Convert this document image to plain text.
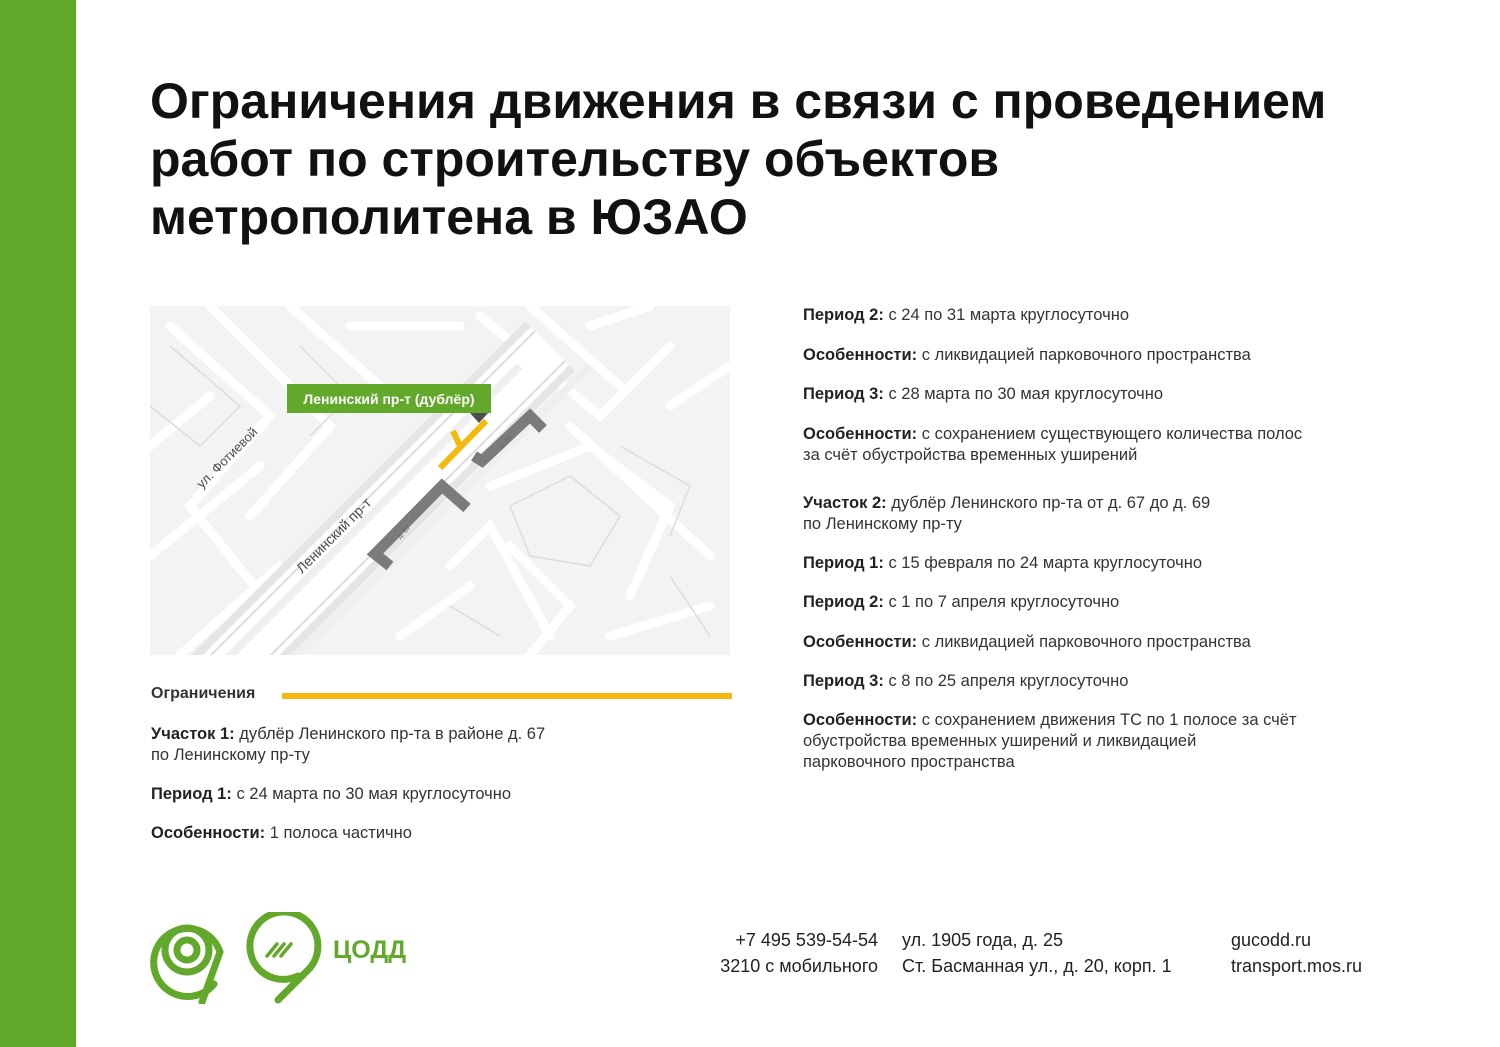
Ограничения движения в связи с проведением
работ по строительству объектов
метрополитена в ЮЗАО
Ленинский пр-т (дублёр)
ул. Фотиевой
Ленинский пр-т	д. 67
д. 69
Ограничения

Участок 1: дублёр Ленинского пр-та в районе д. 67
по Ленинскому пр-ту

Период 1: с 24 марта по 30 мая круглосуточно

Особенности: 1 полоса частично

Период 2: с 24 по 31 марта круглосуточно

Особенности: с ликвидацией парковочного пространства

Период 3: с 28 марта по 30 мая круглосуточно

Особенности: с сохранением существующего количества полос
за счёт обустройства временных уширений

Участок 2: дублёр Ленинского пр-та от д. 67 до д. 69
по Ленинскому пр-ту

Период 1: с 15 февраля по 24 марта круглосуточно

Период 2: с 1 по 7 апреля круглосуточно

Особенности: с ликвидацией парковочного пространства

Период 3: с 8 по 25 апреля круглосуточно

Особенности: с сохранением движения ТС по 1 полосе за счёт
обустройства временных уширений и ликвидацией
парковочного пространства

ЦОДД	+7 495 539-54-54
3210 с мобильного
ул. 1905 года, д. 25
Ст. Басманная ул., д. 20, корп. 1
gucodd.ru
transport.mos.ru
